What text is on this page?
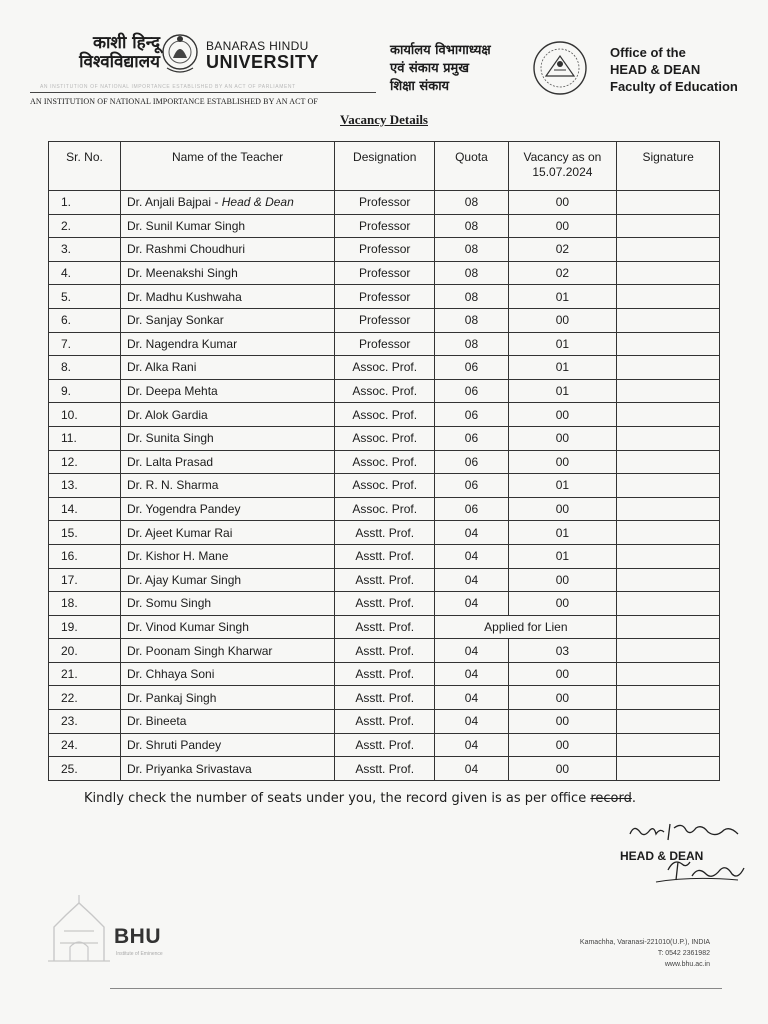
काशी हिन्दू
विश्वविद्यालय
BANARAS HINDU
UNIVERSITY
AN INSTITUTION OF NATIONAL IMPORTANCE ESTABLISHED BY AN ACT OF PARLIAMENT
AN INSTITUTION OF NATIONAL IMPORTANCE ESTABLISHED BY AN ACT OF
कार्यालय विभागाध्यक्ष
एवं संकाय प्रमुख
शिक्षा संकाय
Office of the
HEAD & DEAN
Faculty of Education
Vacancy Details
Sr. No.	Name of the Teacher	Designation	Quota	Vacancy as on
15.07.2024	Signature
1.	Dr. Anjali Bajpai - Head & Dean	Professor	08	00	
2.	Dr. Sunil Kumar Singh	Professor	08	00	
3.	Dr. Rashmi Choudhuri	Professor	08	02	
4.	Dr. Meenakshi Singh	Professor	08	02	
5.	Dr. Madhu Kushwaha	Professor	08	01	
6.	Dr. Sanjay Sonkar	Professor	08	00	
7.	Dr. Nagendra Kumar	Professor	08	01	
8.	Dr. Alka Rani	Assoc. Prof.	06	01	
9.	Dr. Deepa Mehta	Assoc. Prof.	06	01	
10.	Dr. Alok Gardia	Assoc. Prof.	06	00	
11.	Dr. Sunita Singh	Assoc. Prof.	06	00	
12.	Dr. Lalta Prasad	Assoc. Prof.	06	00	
13.	Dr. R. N. Sharma	Assoc. Prof.	06	01	
14.	Dr. Yogendra Pandey	Assoc. Prof.	06	00	
15.	Dr. Ajeet Kumar Rai	Asstt. Prof.	04	01	
16.	Dr. Kishor H. Mane	Asstt. Prof.	04	01	
17.	Dr. Ajay Kumar Singh	Asstt. Prof.	04	00	
18.	Dr. Somu Singh	Asstt. Prof.	04	00	
19.	Dr. Vinod Kumar Singh	Asstt. Prof.	Applied for Lien		
20.	Dr. Poonam Singh Kharwar	Asstt. Prof.	04	03	
21.	Dr. Chhaya Soni	Asstt. Prof.	04	00	
22.	Dr. Pankaj Singh	Asstt. Prof.	04	00	
23.	Dr. Bineeta	Asstt. Prof.	04	00	
24.	Dr. Shruti Pandey	Asstt. Prof.	04	00	
25.	Dr. Priyanka Srivastava	Asstt. Prof.	04	00	
Kindly check the number of seats under you, the record given is as per office record.
HEAD & DEAN
BHU
Institute of Eminence
Kamachha, Varanasi-221010(U.P.), INDIA
T: 0542 2361982
www.bhu.ac.in
